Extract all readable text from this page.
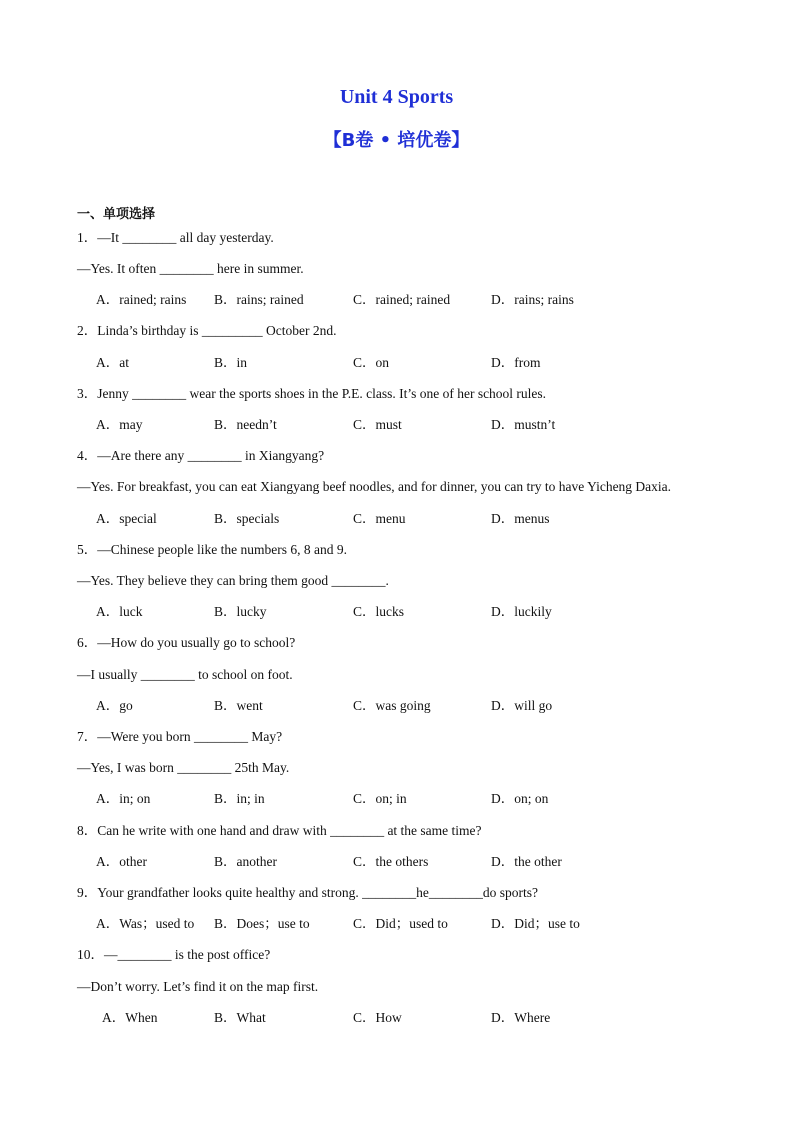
Unit 4 Sports
【B卷 • 培优卷】
一、单项选择
1．—It ________ all day yesterday.
—Yes. It often ________ here in summer.
A．rained; rains B．rains; rained	C．rained; rained	D．rains; rains
2．Linda’s birthday is _________ October 2nd.
A．at	B．in	C．on	D．from
3．Jenny ________ wear the sports shoes in the P.E. class. It’s one of her school rules.
A．may	B．needn’t	C．must	D．mustn’t
4．—Are there any ________ in Xiangyang?
—Yes. For breakfast, you can eat Xiangyang beef noodles, and for dinner, you can try to have Yicheng Daxia.
A．special	B．specials	C．menu	D．menus
5．—Chinese people like the numbers 6, 8 and 9.
—Yes. They believe they can bring them good ________.
A．luck	B．lucky	C．lucks	D．luckily
6．—How do you usually go to school?
—I usually ________ to school on foot.
A．go	B．went	C．was going	D．will go
7．—Were you born ________ May?
—Yes, I was born ________ 25th May.
A．in; on	B．in; in	C．on; in	D．on; on
8．Can he write with one hand and draw with ________ at the same time?
A．other	B．another	C．the others	D．the other
9．Your grandfather looks quite healthy and strong. ________he________do sports?
A．Was；used to B．Does；use to	C．Did；used to	D．Did；use to
10．—________ is the post office?
—Don’t worry. Let’s find it on the map first.
A．When	B．What	C．How	D．Where
